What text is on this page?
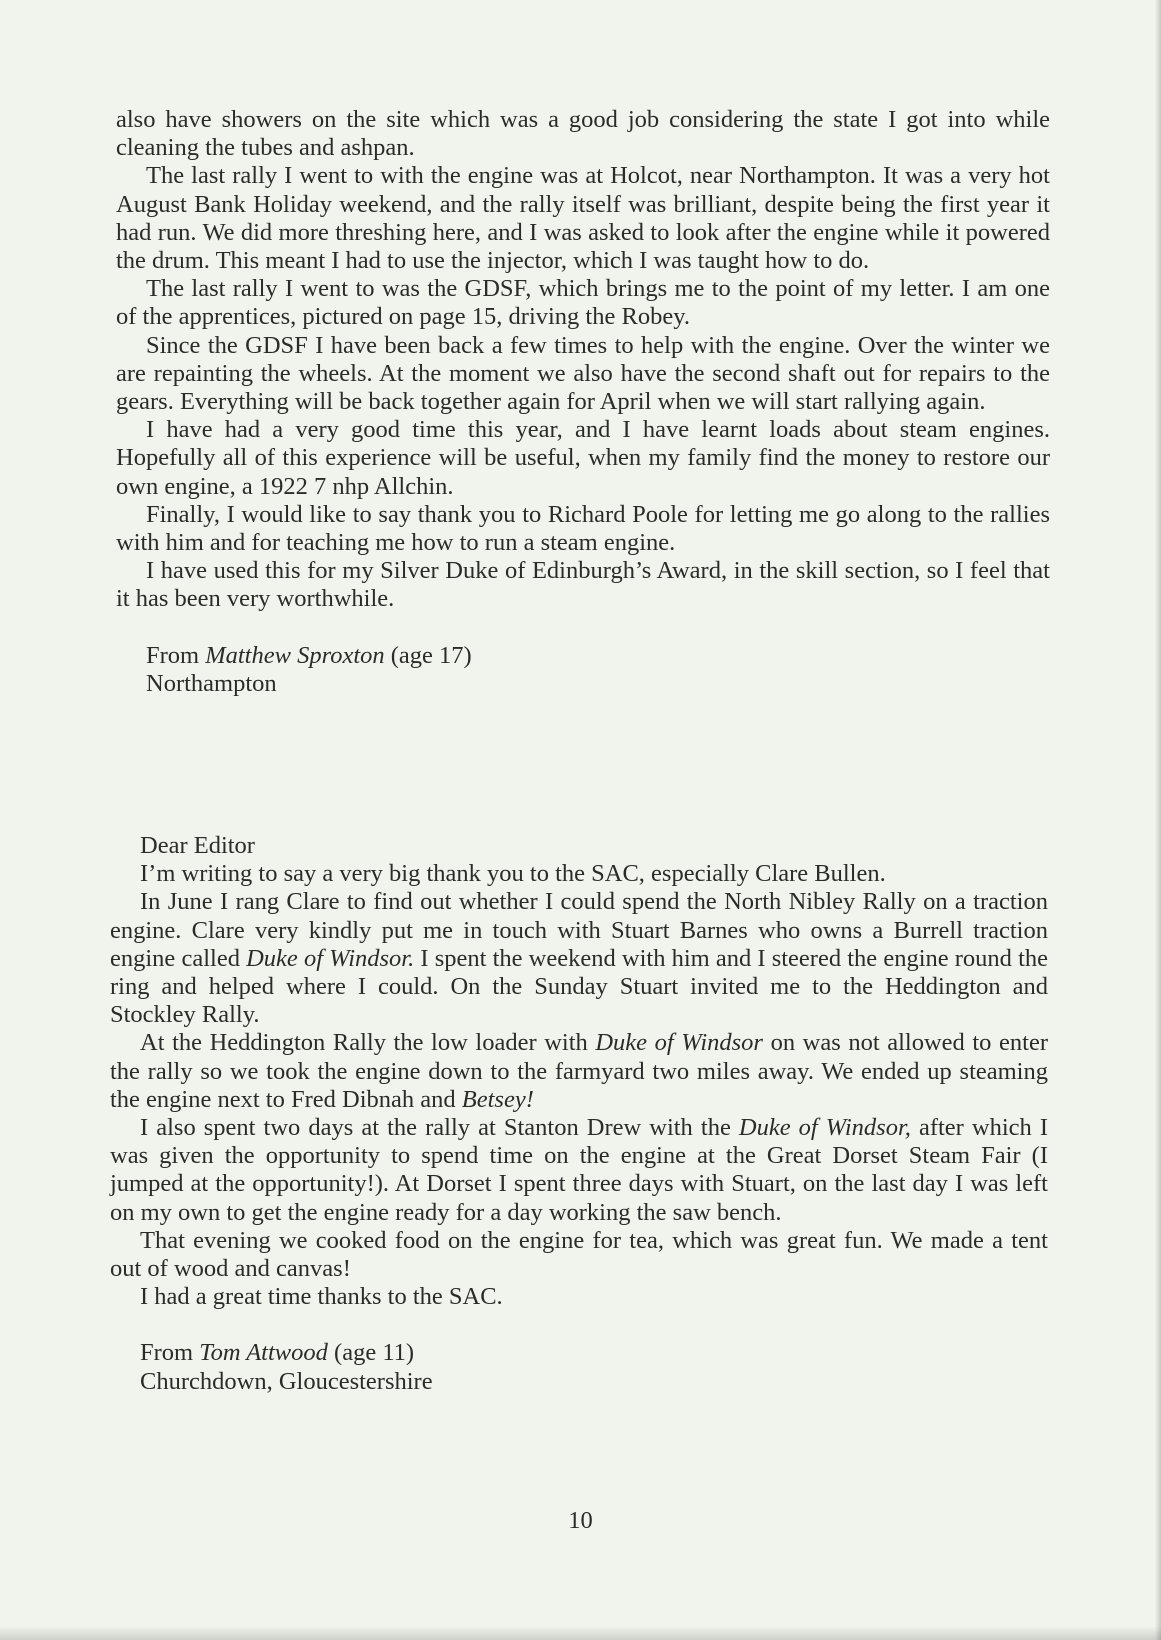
also have showers on the site which was a good job considering the state I got into while cleaning the tubes and ashpan.

The last rally I went to with the engine was at Holcot, near Northampton. It was a very hot August Bank Holiday weekend, and the rally itself was brilliant, despite being the first year it had run. We did more threshing here, and I was asked to look after the engine while it powered the drum. This meant I had to use the injector, which I was taught how to do.

The last rally I went to was the GDSF, which brings me to the point of my letter. I am one of the apprentices, pictured on page 15, driving the Robey.

Since the GDSF I have been back a few times to help with the engine. Over the winter we are repainting the wheels. At the moment we also have the second shaft out for repairs to the gears. Everything will be back together again for April when we will start rallying again.

I have had a very good time this year, and I have learnt loads about steam engines. Hopefully all of this experience will be useful, when my family find the money to restore our own engine, a 1922 7 nhp Allchin.

Finally, I would like to say thank you to Richard Poole for letting me go along to the rallies with him and for teaching me how to run a steam engine.

I have used this for my Silver Duke of Edinburgh’s Award, in the skill section, so I feel that it has been very worthwhile.

From Matthew Sproxton (age 17)

Northampton

Dear Editor

I’m writing to say a very big thank you to the SAC, especially Clare Bullen.

In June I rang Clare to find out whether I could spend the North Nibley Rally on a traction engine. Clare very kindly put me in touch with Stuart Barnes who owns a Burrell traction engine called Duke of Windsor. I spent the weekend with him and I steered the engine round the ring and helped where I could. On the Sunday Stuart invited me to the Heddington and Stockley Rally.

At the Heddington Rally the low loader with Duke of Windsor on was not allowed to enter the rally so we took the engine down to the farmyard two miles away. We ended up steaming the engine next to Fred Dibnah and Betsey!

I also spent two days at the rally at Stanton Drew with the Duke of Windsor, after which I was given the opportunity to spend time on the engine at the Great Dorset Steam Fair (I jumped at the opportunity!). At Dorset I spent three days with Stuart, on the last day I was left on my own to get the engine ready for a day working the saw bench.

That evening we cooked food on the engine for tea, which was great fun. We made a tent out of wood and canvas!

I had a great time thanks to the SAC.

From Tom Attwood (age 11)

Churchdown, Gloucestershire

10
